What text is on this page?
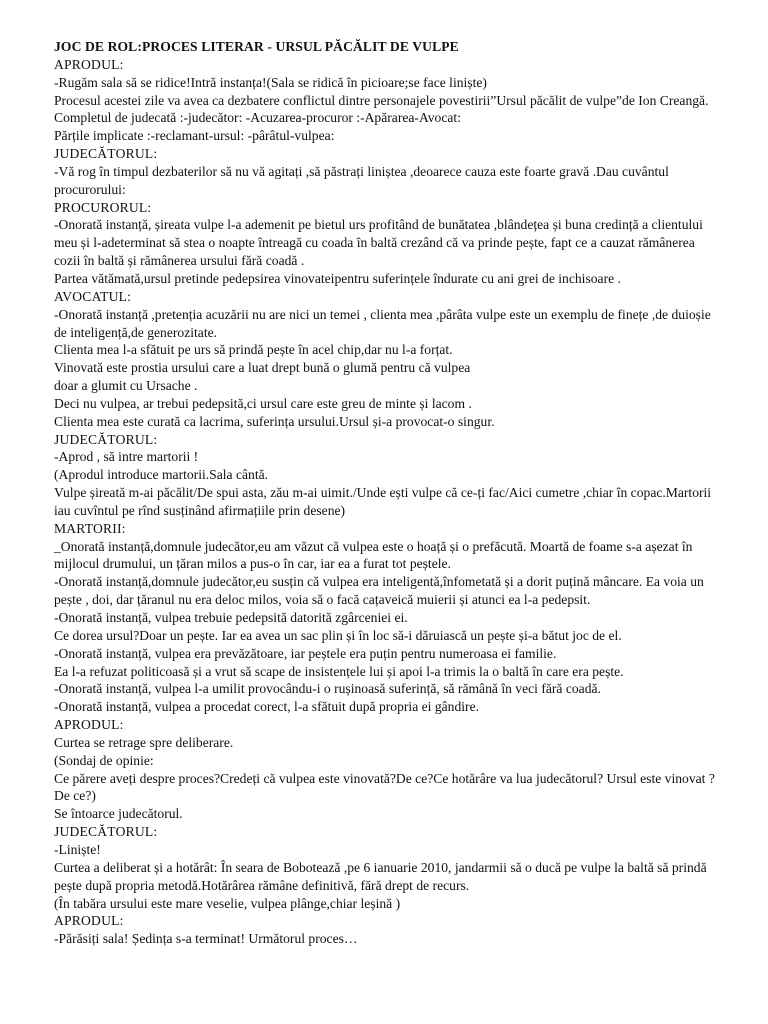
JOC DE ROL:PROCES LITERAR - URSUL PĂCĂLIT DE VULPE
APRODUL:
-Rugăm sala să se ridice!Intră instanța!(Sala se ridică în picioare;se face liniște)
Procesul acestei zile va avea ca dezbatere conflictul dintre personajele povestirii”Ursul păcălit de vulpe”de Ion Creangă.
Completul de judecată :-judecător: -Acuzarea-procuror :-Apărarea-Avocat:
Părțile implicate :-reclamant-ursul: -pârâtul-vulpea:
JUDECĂTORUL:
-Vă rog în timpul dezbaterilor să nu vă agitați ,să păstrați liniștea ,deoarece cauza este foarte gravă .Dau cuvântul procurorului:
PROCURORUL:
-Onorată instanță, șireata vulpe l-a ademenit pe bietul urs profitând de bunătatea ,blândețea și buna credință a clientului meu și l-adeterminat să stea o noapte întreagă cu coada în baltă crezând că va prinde pește, fapt ce a cauzat rămânerea cozii în baltă și rămânerea ursului fără coadă .
Partea vătămată,ursul pretinde pedepsirea vinovateipentru suferințele îndurate cu ani grei de inchisoare .
AVOCATUL:
-Onorată instanță ,pretenția acuzării nu are nici un temei , clienta mea ,pârâta vulpe este un exemplu de finețe ,de duioșie de inteligență,de generozitate.
Clienta mea l-a sfătuit pe urs să prindă pește în acel chip,dar nu l-a forțat.
Vinovată este prostia ursului care a luat drept bună o glumă pentru că vulpea
doar a glumit cu Ursache .
Deci nu vulpea, ar trebui pedepsită,ci ursul care este greu de minte și lacom .
Clienta mea este curată ca lacrima, suferința ursului.Ursul și-a provocat-o singur.
JUDECĂTORUL:
-Aprod , să intre martorii !
(Aprodul introduce martorii.Sala cântă.
Vulpe șireată m-ai păcălit/De spui asta, zău m-ai uimit./Unde ești vulpe că ce-ți fac/Aici cumetre ,chiar în copac.Martorii iau cuvîntul pe rînd susținând afirmațiile prin desene)
MARTORII:
_Onorată instanță,domnule judecător,eu am văzut că vulpea este o hoață și o prefăcută. Moartă de foame s-a așezat în mijlocul drumului, un țăran milos a pus-o în car, iar ea a furat tot peștele.
-Onorată instanță,domnule judecător,eu susțin că vulpea era inteligentă,înfometată și a dorit puțină mâncare. Ea voia un pește , doi, dar țăranul nu era deloc milos, voia să o facă cațaveică muierii și atunci ea l-a pedepsit.
-Onorată instanță, vulpea trebuie pedepsită datorită zgârceniei ei.
Ce dorea ursul?Doar un pește. Iar ea avea un sac plin și în loc să-i dăruiască un pește și-a bătut joc de el.
-Onorată instanță, vulpea era prevăzătoare, iar peștele era puțin pentru numeroasa ei familie.
Ea l-a refuzat politicoasă și a vrut să scape de insistențele lui și apoi l-a trimis la o baltă în care era pește.
-Onorată instanță, vulpea l-a umilit provocându-i o rușinoasă suferință, să rămână în veci fără coadă.
-Onorată instanță, vulpea a procedat corect, l-a sfătuit după propria ei gândire.
APRODUL:
Curtea se retrage spre deliberare.
(Sondaj de opinie:
Ce părere aveți despre proces?Credeți că vulpea este vinovată?De ce?Ce hotărâre va lua judecătorul? Ursul este vinovat ? De ce?)
Se întoarce judecătorul.
JUDECĂTORUL:
-Liniște!
Curtea a deliberat și a hotărât: În seara de Bobotează ,pe 6 ianuarie 2010, jandarmii să o ducă pe vulpe la baltă să prindă pește după propria metodă.Hotărârea rămâne definitivă, fără drept de recurs.
(În tabăra ursului este mare veselie, vulpea plânge,chiar leșină )
APRODUL:
-Părăsiți sala! Ședința s-a terminat! Următorul proces…
